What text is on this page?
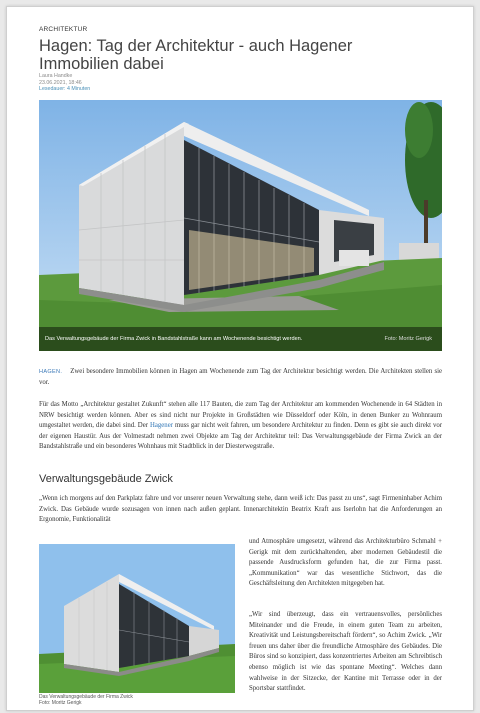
ARCHITEKTUR
Hagen: Tag der Architektur - auch Hagener Immobilien dabei
Laura Handke
23.06.2021, 18:46
Lesedauer: 4 Minuten
Das Verwaltungsgebäude der Firma Zwick in Bandstahlstraße kann am Wochenende besichtigt werden.	Foto: Moritz Gerigk
HAGEN. Zwei besondere Immobilien können in Hagen am Wochenende zum Tag der Architektur besichtigt werden. Die Architekten stellen sie vor.
Für das Motto „Architektur gestaltet Zukunft“ stehen alle 117 Bauten, die zum Tag der Architektur am kommenden Wochenende in 64 Städten in NRW besichtigt werden können. Aber es sind nicht nur Projekte in Großstädten wie Düsseldorf oder Köln, in denen Bunker zu Wohnraum umgestaltet werden, die dabei sind. Der Hagener muss gar nicht weit fahren, um besondere Architektur zu finden. Denn es gibt sie auch direkt vor der eigenen Haustür. Aus der Volmestadt nehmen zwei Objekte am Tag der Architektur teil: Das Verwaltungsgebäude der Firma Zwick an der Bandstahlstraße und ein besonderes Wohnhaus mit Stadtblick in der Diesterwegstraße.
Verwaltungsgebäude Zwick
„Wenn ich morgens auf den Parkplatz fahre und vor unserer neuen Verwaltung stehe, dann weiß ich: Das passt zu uns“, sagt Firmeninhaber Achim Zwick. Das Gebäude wurde sozusagen von innen nach außen geplant. Innenarchitektin Beatrix Kraft aus Iserlohn hat die Anforderungen an Ergonomie, Funktionalität
Das Verwaltungsgebäude der Firma Zwick
Foto: Moritz Gerigk
und Atmosphäre umgesetzt, während das Architekturbüro Schmahl + Gerigk mit dem zurückhaltenden, aber modernen Gebäudestil die passende Ausdrucksform gefunden hat, die zur Firma passt. „Kommunikation“ war das wesentliche Stichwort, das die Geschäftsleitung den Architekten mitgegeben hat.
„Wir sind überzeugt, dass ein vertrauensvolles, persönliches Miteinander und die Freude, in einem guten Team zu arbeiten, Kreativität und Leistungsbereitschaft fördern“, so Achim Zwick. „Wir freuen uns daher über die freundliche Atmosphäre des Gebäudes. Die Büros sind so konzipiert, dass konzentriertes Arbeiten am Schreibtisch ebenso möglich ist wie das spontane Meeting“. Welches dann wahlweise in der Sitzecke, der Kantine mit Terrasse oder in der Sportsbar stattfindet.
